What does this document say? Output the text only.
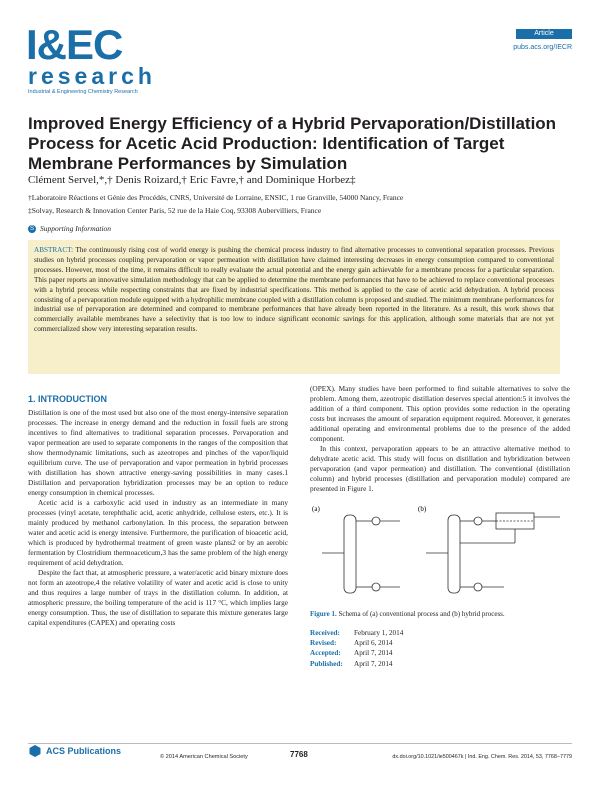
I&EC
research
Industrial & Engineering Chemistry Research
Article
pubs.acs.org/IECR
Improved Energy Efficiency of a Hybrid Pervaporation/Distillation Process for Acetic Acid Production: Identification of Target Membrane Performances by Simulation
Clément Servel,*,† Denis Roizard,† Eric Favre,† and Dominique Horbez‡
†Laboratoire Réactions et Génie des Procédés, CNRS, Université de Lorraine, ENSIC, 1 rue Granville, 54000 Nancy, France
‡Solvay, Research & Innovation Center Paris, 52 rue de la Haie Coq, 93308 Aubervilliers, France
S Supporting Information
ABSTRACT: The continuously rising cost of world energy is pushing the chemical process industry to find alternative processes to conventional separation processes. Previous studies on hybrid processes coupling pervaporation or vapor permeation with distillation have claimed interesting decreases in energy consumption compared to conventional processes. However, most of the time, it remains difficult to really evaluate the actual potential and the energy gain achievable for a membrane process for a particular separation. This paper reports an innovative simulation methodology that can be applied to determine the membrane performances that have to be achieved to replace conventional processes with a hybrid process while respecting constraints that are fixed by industrial specifications. This method is applied to the case of acetic acid dehydration. A hybrid process consisting of a pervaporation module equipped with a hydrophilic membrane coupled with a distillation column is proposed and studied. The minimum membrane performances for industrial use of pervaporation are determined and compared to membrane performances that have already been reported in the literature. As a result, this work shows that commercially available membranes have a selectivity that is too low to induce significant economic savings for this application, although some materials that are not yet commercialized show very interesting separation results.
1. INTRODUCTION

Distillation is one of the most used but also one of the most energy-intensive separation processes. The increase in energy demand and the reduction in fossil fuels are strong incentives to find alternatives to traditional separation processes. Pervaporation and vapor permeation are used to separate components in the ranges of the composition that show thermodynamic limitations, such as azeotropes and pinches of the vapor/liquid equilibrium curve. The use of pervaporation and vapor permeation in hybrid processes with distillation has shown attractive energy-saving possibilities in many cases.1 Distillation and pervaporation hybridization processes may be an option to reduce energy consumption in chemical processes.

Acetic acid is a carboxylic acid used in industry as an intermediate in many processes (vinyl acetate, terephthalic acid, acetic anhydride, cellulose esters, etc.). It is mainly produced by methanol carbonylation. In this process, the separation between water and acetic acid is energy intensive. Furthermore, the purification of bioacetic acid, which is produced by hydrothermal treatment of green waste plants2 or by an aerobic fermentation by Clostridium thermoaceticum,3 has the same problem of the high energy requirement of acid dehydration.

Despite the fact that, at atmospheric pressure, a water/acetic acid binary mixture does not form an azeotrope,4 the relative volatility of water and acetic acid is close to unity and thus requires a large number of trays in the distillation column. In addition, at atmospheric pressure, the boiling temperature of the acid is 117 °C, which implies large energy consumption. Thus, the use of distillation to separate this mixture generates large capital expenditures (CAPEX) and operating costs

(OPEX). Many studies have been performed to find suitable alternatives to solve the problem. Among them, azeotropic distillation deserves special attention:5 it involves the addition of a third component. This option provides some reduction in the operating costs but increases the amount of separation equipment required. Moreover, it generates additional operating and environmental problems due to the presence of the added component.

In this context, pervaporation appears to be an attractive alternative method to dehydrate acetic acid. This study will focus on distillation and hybridization between pervaporation (and vapor permeation) and distillation. The conventional (distillation column) and hybrid processes (distillation and pervaporation module) compared are presented in Figure 1.

(a)	(b)
Figure 1. Schema of (a) conventional process and (b) hybrid process.
Received: February 1, 2014
Revised: April 6, 2014
Accepted: April 7, 2014
Published: April 7, 2014
ACS Publications
© 2014 American Chemical Society	7768	dx.doi.org/10.1021/ie500467k | Ind. Eng. Chem. Res. 2014, 53, 7768−7779
